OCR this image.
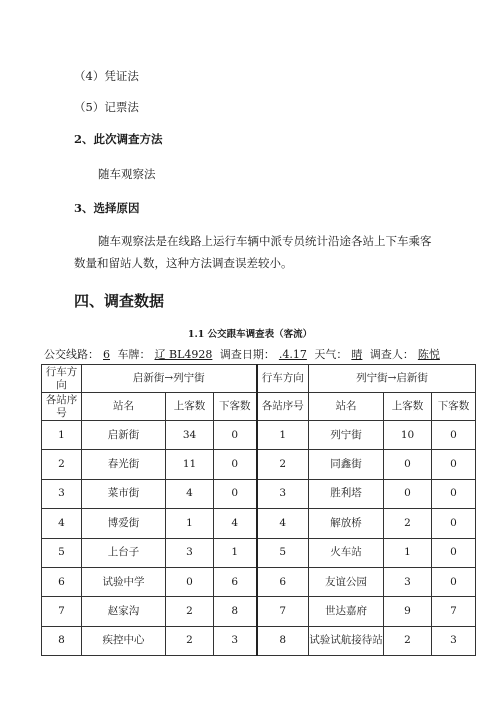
（4）凭证法
（5）记票法
2、此次调查方法
随车观察法
3、选择原因
随车观察法是在线路上运行车辆中派专员统计沿途各站上下车乘客数量和留站人数，这种方法调查误差较小。
四、调查数据
1.1 公交跟车调查表（客流）
公交线路： 6 车牌： 辽 BL4928 调查日期： .4.17 天气： 晴 调查人： 陈悦
行车方向	启新街→列宁街			行车方向	列宁街→启新街		
各站序号	站名	上客数	下客数	各站序号	站名	上客数	下客数
1	启新街	34	0	1	列宁街	10	0
2	春光街	11	0	2	同鑫街	0	0
3	菜市街	4	0	3	胜利塔	0	0
4	博爱街	1	4	4	解放桥	2	0
5	上台子	3	1	5	火车站	1	0
6	试验中学	0	6	6	友谊公园	3	0
7	赵家沟	2	8	7	世达嘉府	9	7
8	疾控中心	2	3	8	试验试航接待站	2	3
